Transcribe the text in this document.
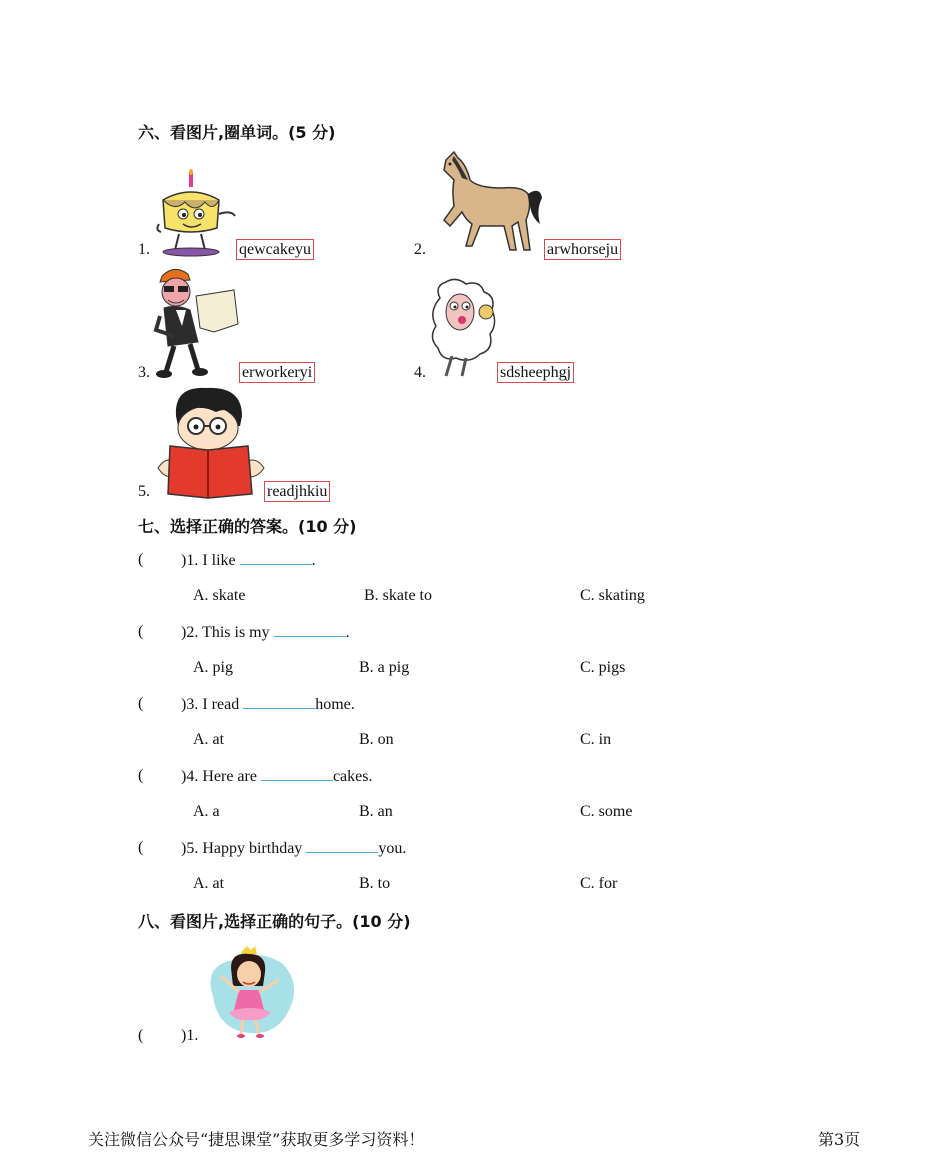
六、看图片,圈单词。(5 分)
1.	qewcakeyu	2.	arwhorseju
3.	erworkeryi	4.	sdsheephgj
5.	readjhkiu
七、选择正确的答案。(10 分)
( )1. I like	.
A. skate	B. skate to	C. skating
( )2. This is my	.
A. pig	B. a pig	C. pigs
( )3. I read	home.
A. at	B. on	C. in
( )4. Here are	cakes.
A. a	B. an	C. some
( )5. Happy birthday	you.
A. at	B. to	C. for
八、看图片,选择正确的句子。(10 分)
( )1.
关注微信公众号“捷思课堂”获取更多学习资料！	第3页
